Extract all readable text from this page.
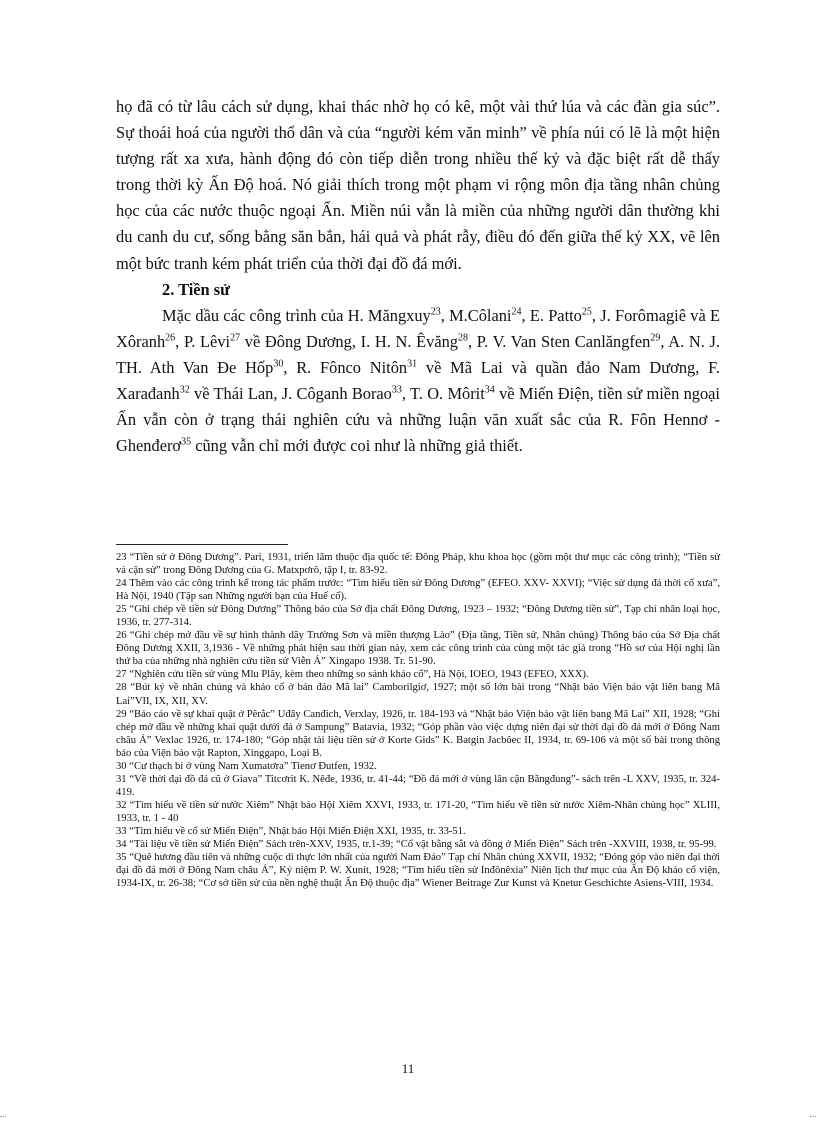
họ đã có từ lâu cách sử dụng, khai thác nhờ họ có kê, một vài thứ lúa và các đàn gia súc”. Sự thoái hoá của người thổ dân và của “người kém văn minh” về phía núi có lẽ là một hiện tượng rất xa xưa, hành động đó còn tiếp diễn trong nhiều thế kỷ và đặc biệt rất dễ thấy trong thời kỳ Ấn Độ hoá. Nó giải thích trong một phạm vi rộng môn địa tầng nhân chủng học của các nước thuộc ngoại Ấn. Miền núi vẫn là miền của những người dân thường khi du canh du cư, sống bằng săn bắn, hái quả và phát rẫy, điều đó đến giữa thế kỷ XX, vẽ lên một bức tranh kém phát triển của thời đại đồ đá mới.

2. Tiền sử

Mặc dầu các công trình của H. Măngxuy$^{23}$, M.Côlani$^{24}$, E. Patto$^{25}$, J. Forômagiê và E Xôranh$^{26}$, P. Lêvi$^{27}$ về Đông Dương, I. H. N. Êvăng$^{28}$, P. V. Van Sten Canlăngfen$^{29}$, A. N. J. TH. Ath Van Đe Hốp$^{30}$, R. Fônco Nitôn$^{31}$ về Mã Lai và quần đảo Nam Dương, F. Xarađanh$^{32}$ về Thái Lan, J. Côganh Borao$^{33}$, T. O. Môrit$^{34}$ về Miến Điện, tiền sử miền ngoại Ấn vẫn còn ở trạng thái nghiên cứu và những luận văn xuất sắc của R. Fôn Hennơ - Ghenđerơ$^{35}$ cũng vẫn chỉ mới được coi như là những giả thiết.

23 “Tiền sử ở Đông Dương”. Pari, 1931, triển lãm thuộc địa quốc tế: Đông Pháp, khu khoa học (gồm một thư mục các công trình); “Tiền sử và cận sử” trong Đông Dương của G. Matxpơrô, tập I, tr. 83-92.
24 Thêm vào các công trình kể trong tác phẩm trước: “Tìm hiểu tiền sử Đông Dương” (EFEO. XXV- XXVI); “Việc sử dụng đá thời cổ xưa”, Hà Nội, 1940 (Tập san Những người bạn của Huế cổ).
25 “Ghi chép về tiền sử Đông Dương” Thông báo của Sở địa chất Đông Dương, 1923 – 1932; “Đông Dương tiền sử”, Tạp chí nhân loại học, 1936, tr. 277-314.
26 “Ghi chép mở đầu về sự hình thành dãy Trường Sơn và miền thượng Lào” (Địa tầng, Tiền sử, Nhân chủng) Thông báo của Sở Địa chất Đông Dương XXII, 3,1936 - Về những phát hiện sau thời gian này, xem các công trình của cùng một tác giả trong “Hồ sơ của Hội nghị lần thứ ba của những nhà nghiên cứu tiền sử Viễn Á” Xingapo 1938. Tr. 51-90.
27 “Nghiên cứu tiền sử vùng Mlu Plây, kèm theo những so sánh khảo cổ”, Hà Nội, IOEO, 1943 (EFEO, XXX).
28 “Bút ký về nhân chủng và khảo cổ ở bán đảo Mã lai” Camborilgiơ, 1927; một số lớn bài trong “Nhật báo Viện bảo vật liên bang Mã Lai”VII, IX, XII, XV.
29 “Báo cáo về sự khai quật ở Pêrắc” Uđây Canđich, Verxlay, 1926, tr. 184-193 và “Nhật báo Viện bảo vật liên bang Mã Lai” XII, 1928; “Ghi chép mở đầu về những khai quật dưới đá ở Sampung” Batavia, 1932; “Góp phần vào việc dựng niên đại sử thời đại đồ đá mới ở Đông Nam châu Á” Vexlac 1926, tr. 174-180; “Góp nhặt tài liệu tiền sử ở Korte Gids” K. Batgin Jacbôec II, 1934, tr. 69-106 và một số bài trong thông báo của Viện bảo vật Rapton, Xinggapo, Loại B.
30 “Cư thạch bí ở vùng Nam Xumatơra” Tienơ Đutfen, 1932.
31 “Về thời đại đồ đá cũ ở Giava” Titcơrit K. Nêđe, 1936, tr. 41-44; “Đồ đá mới ở vùng lân cận Băngđung”- sách trên -L XXV, 1935, tr. 324-419.
32 “Tìm hiểu về tiền sử nước Xiêm” Nhật báo Hội Xiêm XXVI, 1933, tr. 171-20, “Tìm hiểu về tiền sử nước Xiêm-Nhân chủng học” XLIII, 1933, tr. 1 - 40
33 “Tìm hiểu về cổ sử Miến Điện”, Nhật báo Hội Miến Điện XXI, 1935, tr. 33-51.
34 “Tài liệu về tiền sử Miến Điện” Sách trên-XXV, 1935, tr.1-39; “Cổ vật bằng sắt và đồng ở Miến Điện” Sách trên -XXVIII, 1938, tr. 95-99.
35 “Quê hương đầu tiên và những cuộc di thực lớn nhất của người Nam Đảo” Tạp chí Nhân chủng XXVII, 1932; “Đóng góp vào niên đại thời đại đồ đá mới ở Đông Nam châu Á”, Kỷ niệm P. W. Xunít, 1928; “Tìm hiểu tiền sử Inđônêxia” Niên lịch thư mục của Ấn Độ khảo cổ viện, 1934-IX, tr. 26-38; “Cơ sở tiền sử của nền nghệ thuật Ấn Độ thuộc địa” Wiener Beitrage Zur Kunst và Knetur Geschichte Asiens-VIII, 1934.
11
